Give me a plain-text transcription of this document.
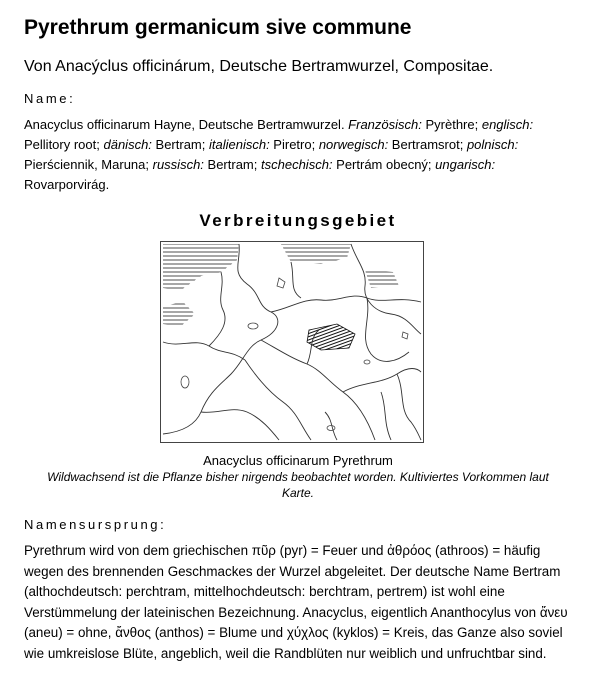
Pyrethrum germanicum sive commune
Von Anacýclus officinárum, Deutsche Bertramwurzel, Compositae.
Name:
Anacyclus officinarum Hayne, Deutsche Bertramwurzel. Französisch: Pyrèthre; englisch: Pellitory root; dänisch: Bertram; italienisch: Piretro; norwegisch: Bertramsrot; polnisch: Pierściennik, Maruna; russisch: Bertram; tschechisch: Pertrám obecný; ungarisch: Rovarporvirág.
Verbreitungsgebiet
Anacyclus officinarum Pyrethrum
Wildwachsend ist die Pflanze bisher nirgends beobachtet worden. Kultiviertes Vorkommen laut Karte.
Namensursprung:
Pyrethrum wird von dem griechischen πῦρ (pyr) = Feuer und ἀθρόος (athroos) = häufig wegen des brennenden Geschmackes der Wurzel abgeleitet. Der deutsche Name Bertram (althochdeutsch: perchtram, mittelhochdeutsch: berchtram, pertrem) ist wohl eine Verstümmelung der lateinischen Bezeichnung. Anacyclus, eigentlich Ananthocylus von ἄνευ (aneu) = ohne, ἄνθος (anthos) = Blume und χύχλος (kyklos) = Kreis, das Ganze also soviel wie umkreislose Blüte, angeblich, weil die Randblüten nur weiblich und unfruchtbar sind.
